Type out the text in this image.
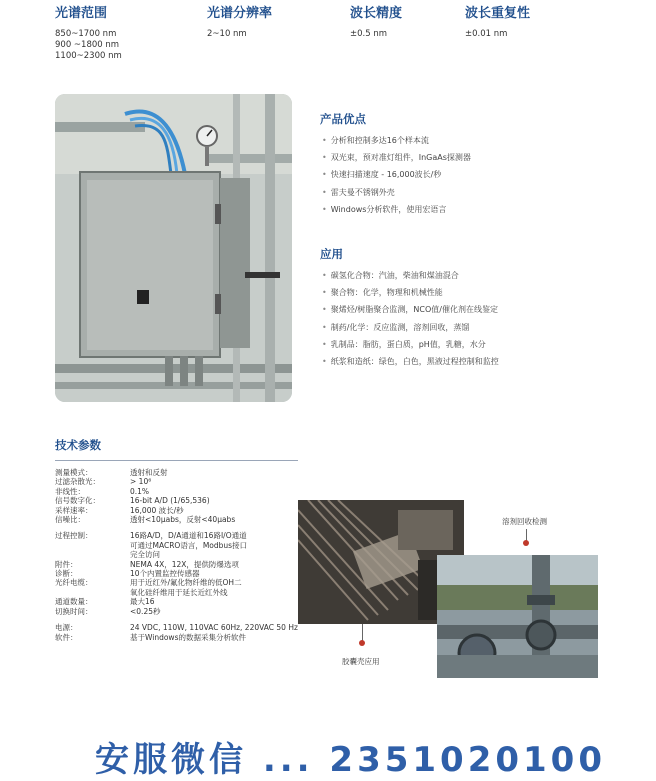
光谱范围
850~1700 nm
900 ~1800 nm
1100~2300 nm
光谱分辨率
2~10 nm
波长精度
±0.5 nm
波长重复性
±0.01 nm
产品优点
• 分析和控制多达16个样本流
• 双光束，预对准灯组件，InGaAs探测器
• 快速扫描速度 - 16,000波长/秒
• 雷夫曼不锈钢外壳
• Windows分析软件，使用宏语言
应用
• 碳氢化合物：汽油，柴油和煤油混合
• 聚合物：化学，物理和机械性能
• 聚烯烃/树脂聚合监测，NCO值/催化剂在线鉴定
• 制药/化学：反应监测，溶剂回收，蒸馏
• 乳制品：脂肪，蛋白质，pH值，乳糖，水分
• 纸浆和造纸：绿色，白色，黑液过程控制和监控
技术参数
测量模式：	透射和反射
过滤杂散光：	> 10⁶
非线性：	0.1%
信号数字化：	16-bit A/D (1/65,536)
采样速率：	16,000 波长/秒
信噪比：	透射<10μabs，反射<40μabs
过程控制：	16路A/D，D/A通道和16路I/O通道
可通过MACRO语言，Modbus接口
完全访问
附件：	NEMA 4X，12X，提供防爆选项
诊断：	10个内置监控传感器
光纤电缆：	用于近红外/氟化物纤维的低OH二
氧化硅纤维用于延长近红外线
通道数量：	最大16
切换时间：	<0.25秒
电源：	24 VDC, 110W, 110VAC 60Hz, 220VAC 50 Hz
软件：	基于Windows的数据采集分析软件
胶囊壳应用
溶剂回收检测
安服微信 ... 2351020100
